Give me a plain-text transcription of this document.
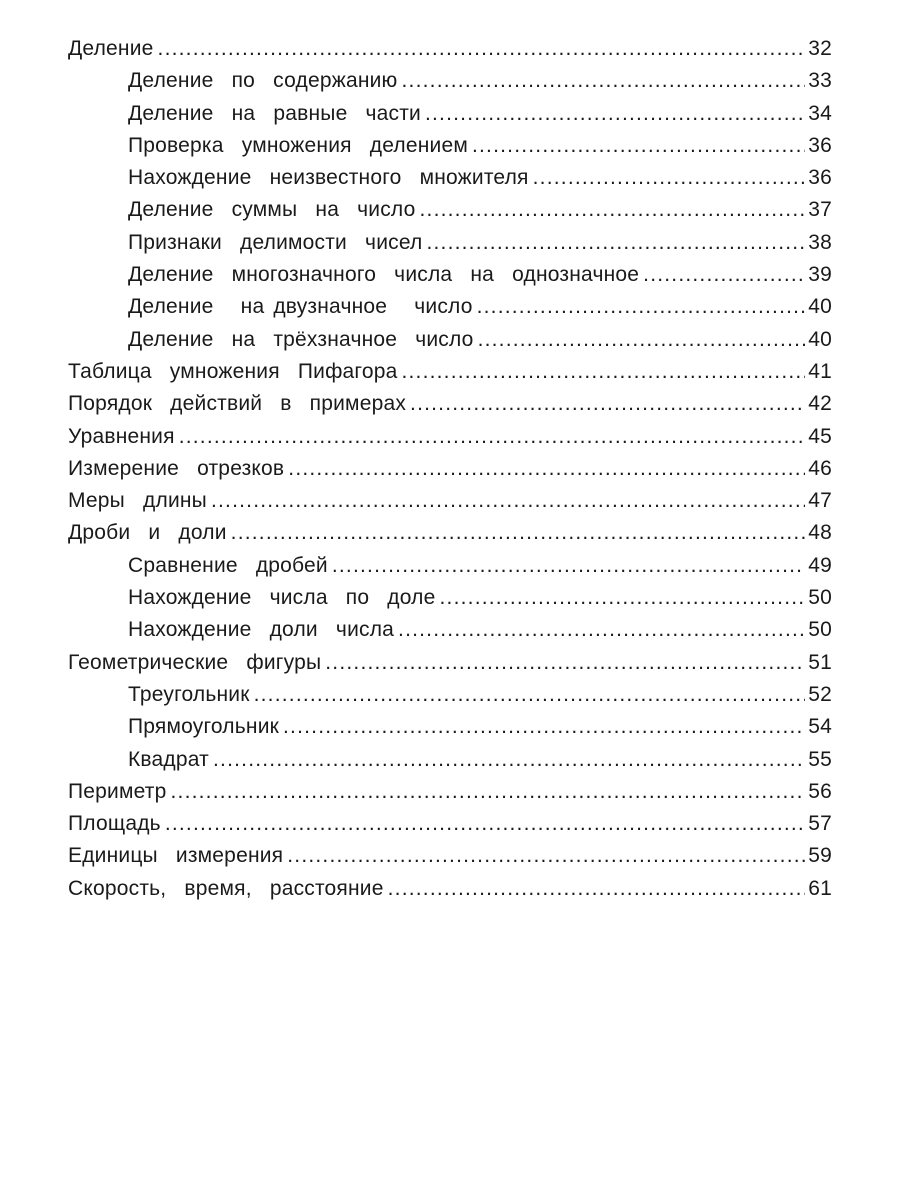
Деление .....	32
Деление  по  содержанию .....	33
Деление  на  равные  части .....	34
Проверка  умножения  делением .....	36
Нахождение  неизвестного  множителя .....	36
Деление  суммы  на  число .....	37
Признаки  делимости  чисел .....	38
Деление  многозначного  числа  на  однозначное .....	39
Деление   на двузначное   число .....	40
Деление  на  трёхзначное  число .....	40
Таблица  умножения  Пифагора .....	41
Порядок  действий  в  примерах .....	42
Уравнения .....	45
Измерение  отрезков .....	46
Меры  длины .....	47
Дроби  и  доли .....	48
Сравнение  дробей .....	49
Нахождение  числа  по  доле .....	50
Нахождение  доли  числа .....	50
Геометрические  фигуры .....	51
Треугольник .....	52
Прямоугольник .....	54
Квадрат .....	55
Периметр .....	56
Площадь .....	57
Единицы  измерения .....	59
Скорость,  время,  расстояние .....	61
